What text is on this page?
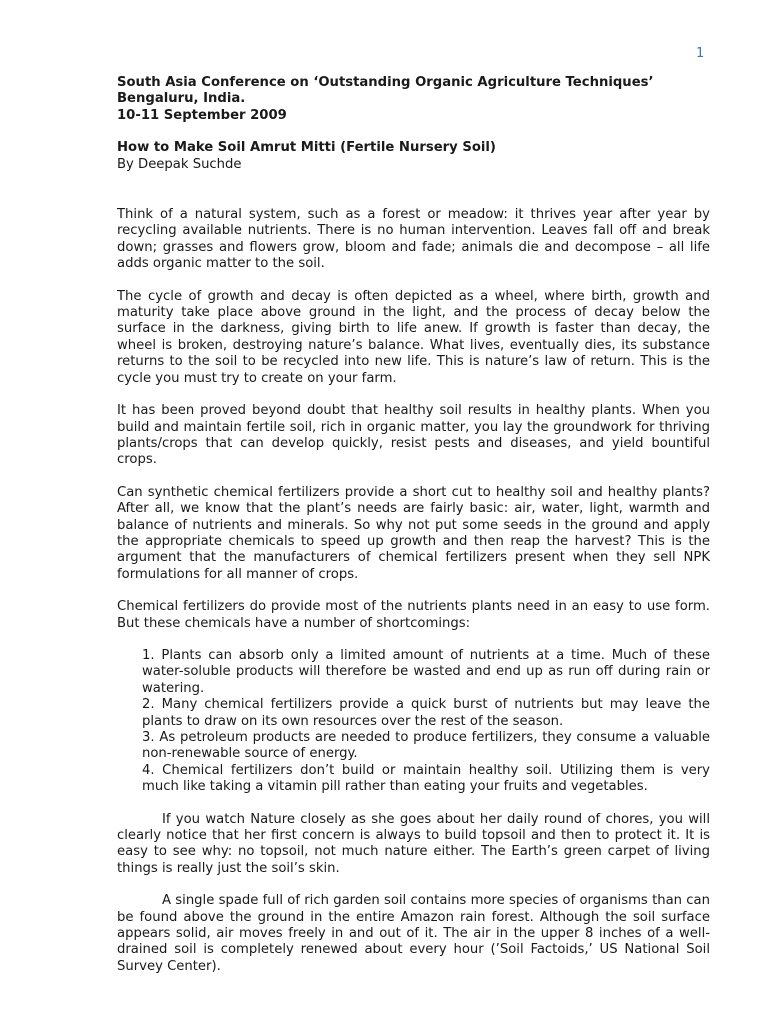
1
South Asia Conference on ‘Outstanding Organic Agriculture Techniques’
Bengaluru, India.
10-11 September 2009
How to Make Soil Amrut Mitti (Fertile Nursery Soil)
By Deepak Suchde

Think of a natural system, such as a forest or meadow: it thrives year after year by recycling available nutrients. There is no human intervention. Leaves fall off and break down; grasses and flowers grow, bloom and fade; animals die and decompose – all life adds organic matter to the soil.

The cycle of growth and decay is often depicted as a wheel, where birth, growth and maturity take place above ground in the light, and the process of decay below the surface in the darkness, giving birth to life anew. If growth is faster than decay, the wheel is broken, destroying nature’s balance. What lives, eventually dies, its substance returns to the soil to be recycled into new life. This is nature’s law of return. This is the cycle you must try to create on your farm.

It has been proved beyond doubt that healthy soil results in healthy plants. When you build and maintain fertile soil, rich in organic matter, you lay the groundwork for thriving plants/crops that can develop quickly, resist pests and diseases, and yield bountiful crops.

Can synthetic chemical fertilizers provide a short cut to healthy soil and healthy plants? After all, we know that the plant’s needs are fairly basic: air, water, light, warmth and balance of nutrients and minerals. So why not put some seeds in the ground and apply the appropriate chemicals to speed up growth and then reap the harvest? This is the argument that the manufacturers of chemical fertilizers present when they sell NPK formulations for all manner of crops.

Chemical fertilizers do provide most of the nutrients plants need in an easy to use form. But these chemicals have a number of shortcomings:

1. Plants can absorb only a limited amount of nutrients at a time. Much of these water-soluble products will therefore be wasted and end up as run off during rain or watering.

2. Many chemical fertilizers provide a quick burst of nutrients but may leave the plants to draw on its own resources over the rest of the season.

3. As petroleum products are needed to produce fertilizers, they consume a valuable non-renewable source of energy.

4. Chemical fertilizers don’t build or maintain healthy soil. Utilizing them is very much like taking a vitamin pill rather than eating your fruits and vegetables.

If you watch Nature closely as she goes about her daily round of chores, you will clearly notice that her first concern is always to build topsoil and then to protect it. It is easy to see why: no topsoil, not much nature either. The Earth’s green carpet of living things is really just the soil’s skin.

A single spade full of rich garden soil contains more species of organisms than can be found above the ground in the entire Amazon rain forest. Although the soil surface appears solid, air moves freely in and out of it. The air in the upper 8 inches of a well-drained soil is completely renewed about every hour (’Soil Factoids,’ US National Soil Survey Center).
